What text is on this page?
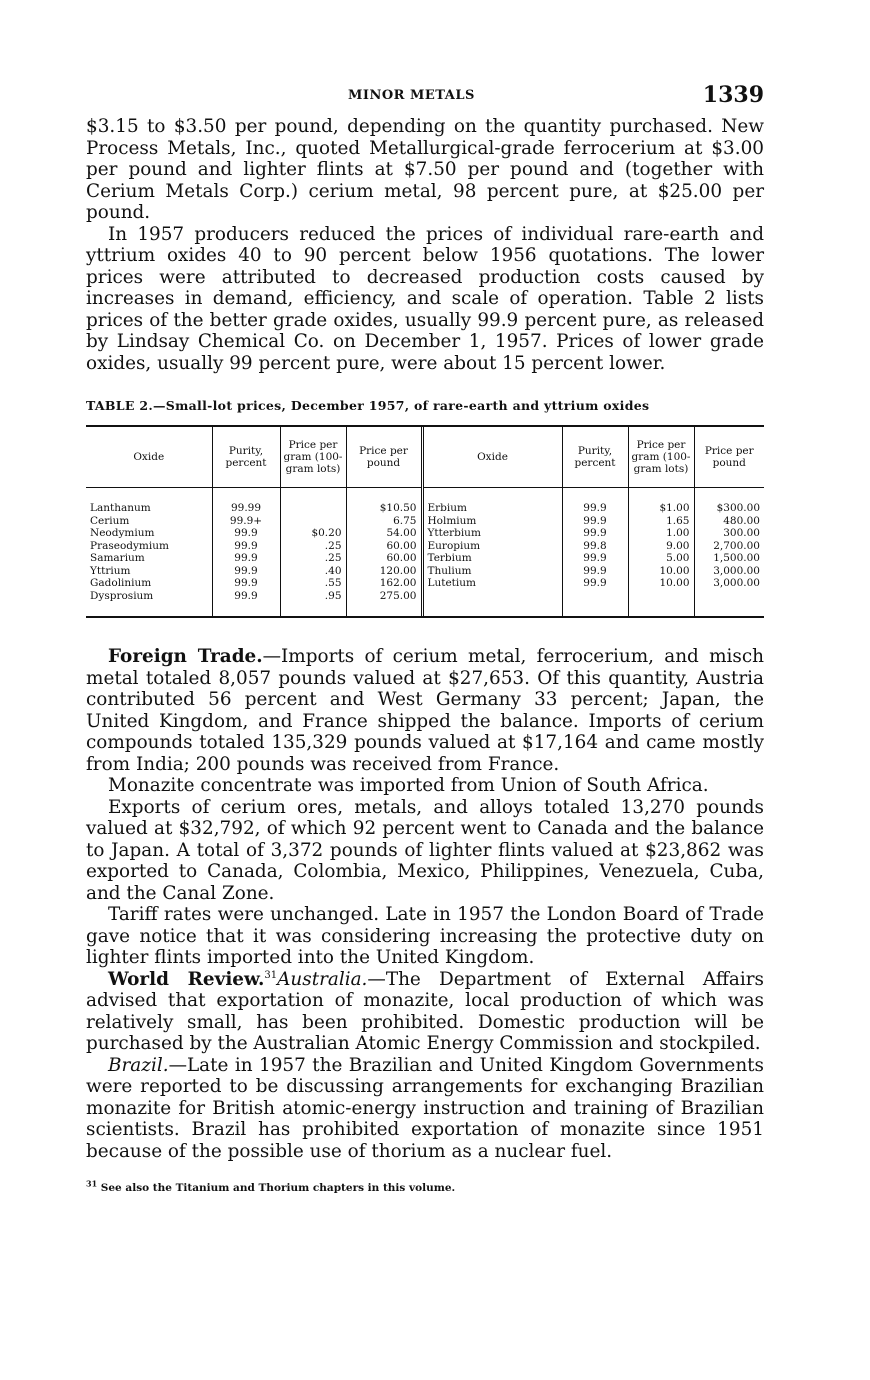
MINOR METALS	1339

$3.15 to $3.50 per pound, depending on the quantity purchased. New Process Metals, Inc., quoted Metallurgical-grade ferrocerium at $3.00 per pound and lighter flints at $7.50 per pound and (together with Cerium Metals Corp.) cerium metal, 98 percent pure, at $25.00 per pound.

In 1957 producers reduced the prices of individual rare-earth and yttrium oxides 40 to 90 percent below 1956 quotations. The lower prices were attributed to decreased production costs caused by increases in demand, efficiency, and scale of operation. Table 2 lists prices of the better grade oxides, usually 99.9 percent pure, as released by Lindsay Chemical Co. on December 1, 1957. Prices of lower grade oxides, usually 99 percent pure, were about 15 percent lower.

TABLE 2.—Small-lot prices, December 1957, of rare-earth and yttrium oxides
Oxide	Purity, percent	Price per gram (100-gram lots)	Price per pound	Oxide	Purity, percent	Price per gram (100-gram lots)	Price per pound
Lanthanum	99.99		$10.50	Erbium	99.9	$1.00	$300.00
Cerium	99.9+		6.75	Holmium	99.9	1.65	480.00
Neodymium	99.9	$0.20	54.00	Ytterbium	99.9	1.00	300.00
Praseodymium	99.9	.25	60.00	Europium	99.8	9.00	2,700.00
Samarium	99.9	.25	60.00	Terbium	99.9	5.00	1,500.00
Yttrium	99.9	.40	120.00	Thulium	99.9	10.00	3,000.00
Gadolinium	99.9	.55	162.00	Lutetium	99.9	10.00	3,000.00
Dysprosium	99.9	.95	275.00				

Foreign Trade.—Imports of cerium metal, ferrocerium, and misch metal totaled 8,057 pounds valued at $27,653. Of this quantity, Austria contributed 56 percent and West Germany 33 percent; Japan, the United Kingdom, and France shipped the balance. Imports of cerium compounds totaled 135,329 pounds valued at $17,164 and came mostly from India; 200 pounds was received from France.

Monazite concentrate was imported from Union of South Africa.

Exports of cerium ores, metals, and alloys totaled 13,270 pounds valued at $32,792, of which 92 percent went to Canada and the balance to Japan. A total of 3,372 pounds of lighter flints valued at $23,862 was exported to Canada, Colombia, Mexico, Philippines, Venezuela, Cuba, and the Canal Zone.

Tariff rates were unchanged. Late in 1957 the London Board of Trade gave notice that it was considering increasing the protective duty on lighter flints imported into the United Kingdom.

World Review.$^{31}$Australia.—The Department of External Affairs advised that exportation of monazite, local production of which was relatively small, has been prohibited. Domestic production will be purchased by the Australian Atomic Energy Commission and stockpiled.

Brazil.—Late in 1957 the Brazilian and United Kingdom Governments were reported to be discussing arrangements for exchanging Brazilian monazite for British atomic-energy instruction and training of Brazilian scientists. Brazil has prohibited exportation of monazite since 1951 because of the possible use of thorium as a nuclear fuel.

$^{31}$ See also the Titanium and Thorium chapters in this volume.
